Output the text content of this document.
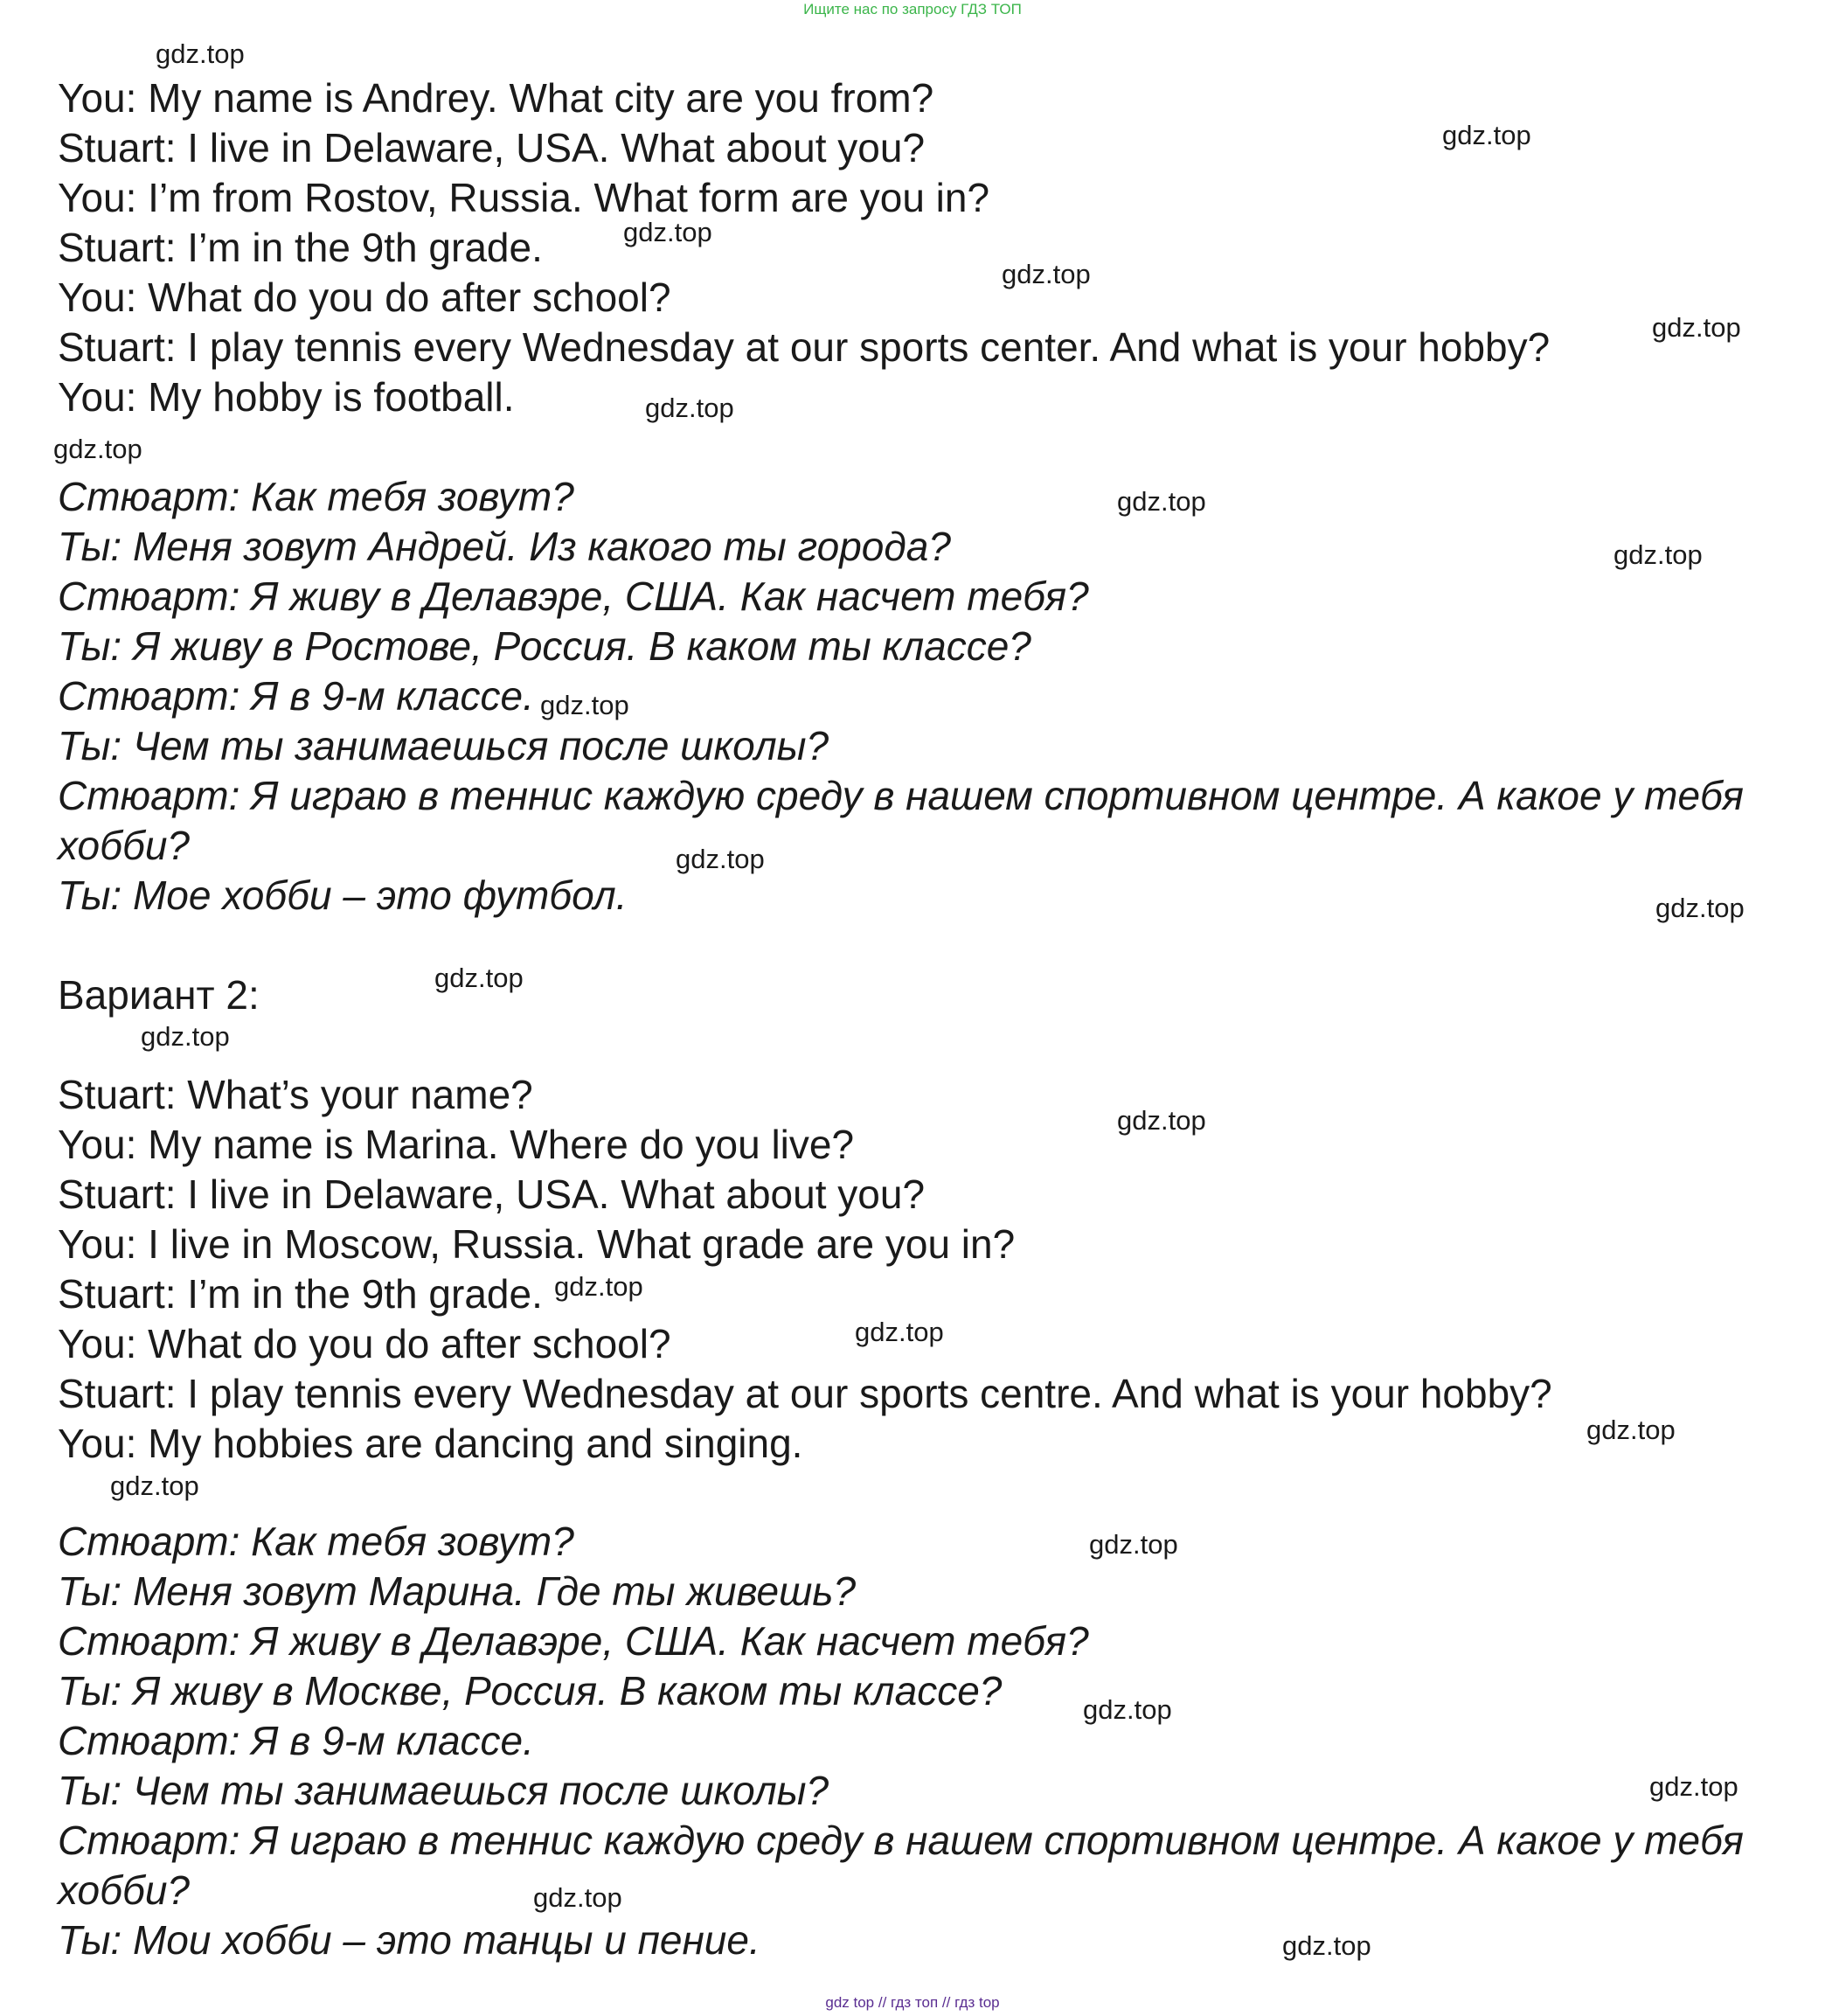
Ищите нас по запросу ГДЗ ТОП
You: My name is Andrey. What city are you from?
Stuart: I live in Delaware, USA. What about you?
You: I’m from Rostov, Russia. What form are you in?
Stuart: I’m in the 9th grade.
You: What do you do after school?
Stuart: I play tennis every Wednesday at our sports center. And what is your hobby?
You: My hobby is football.
Стюарт: Как тебя зовут?
Ты: Меня зовут Андрей. Из какого ты города?
Стюарт: Я живу в Делавэре, США. Как насчет тебя?
Ты: Я живу в Ростове, Россия. В каком ты классе?
Стюарт: Я в 9-м классе.
Ты: Чем ты занимаешься после школы?
Стюарт: Я играю в теннис каждую среду в нашем спортивном центре. А какое у тебя
хобби?
Ты: Мое хобби – это футбол.
Вариант 2:
Stuart: What’s your name?
You: My name is Marina. Where do you live?
Stuart: I live in Delaware, USA. What about you?
You: I live in Moscow, Russia. What grade are you in?
Stuart: I’m in the 9th grade.
You: What do you do after school?
Stuart: I play tennis every Wednesday at our sports centre. And what is your hobby?
You: My hobbies are dancing and singing.
Стюарт: Как тебя зовут?
Ты: Меня зовут Марина. Где ты живешь?
Стюарт: Я живу в Делавэре, США. Как насчет тебя?
Ты: Я живу в Москве, Россия. В каком ты классе?
Стюарт: Я в 9-м классе.
Ты: Чем ты занимаешься после школы?
Стюарт: Я играю в теннис каждую среду в нашем спортивном центре. А какое у тебя
хобби?
Ты: Мои хобби – это танцы и пение.
gdz.top
gdz.top
gdz.top
gdz.top
gdz.top
gdz.top
gdz.top
gdz.top
gdz.top
gdz.top
gdz.top
gdz.top
gdz.top
gdz.top
gdz.top
gdz.top
gdz.top
gdz.top
gdz.top
gdz.top
gdz.top
gdz.top
gdz.top
gdz.top
gdz top // гдз топ // гдз top
